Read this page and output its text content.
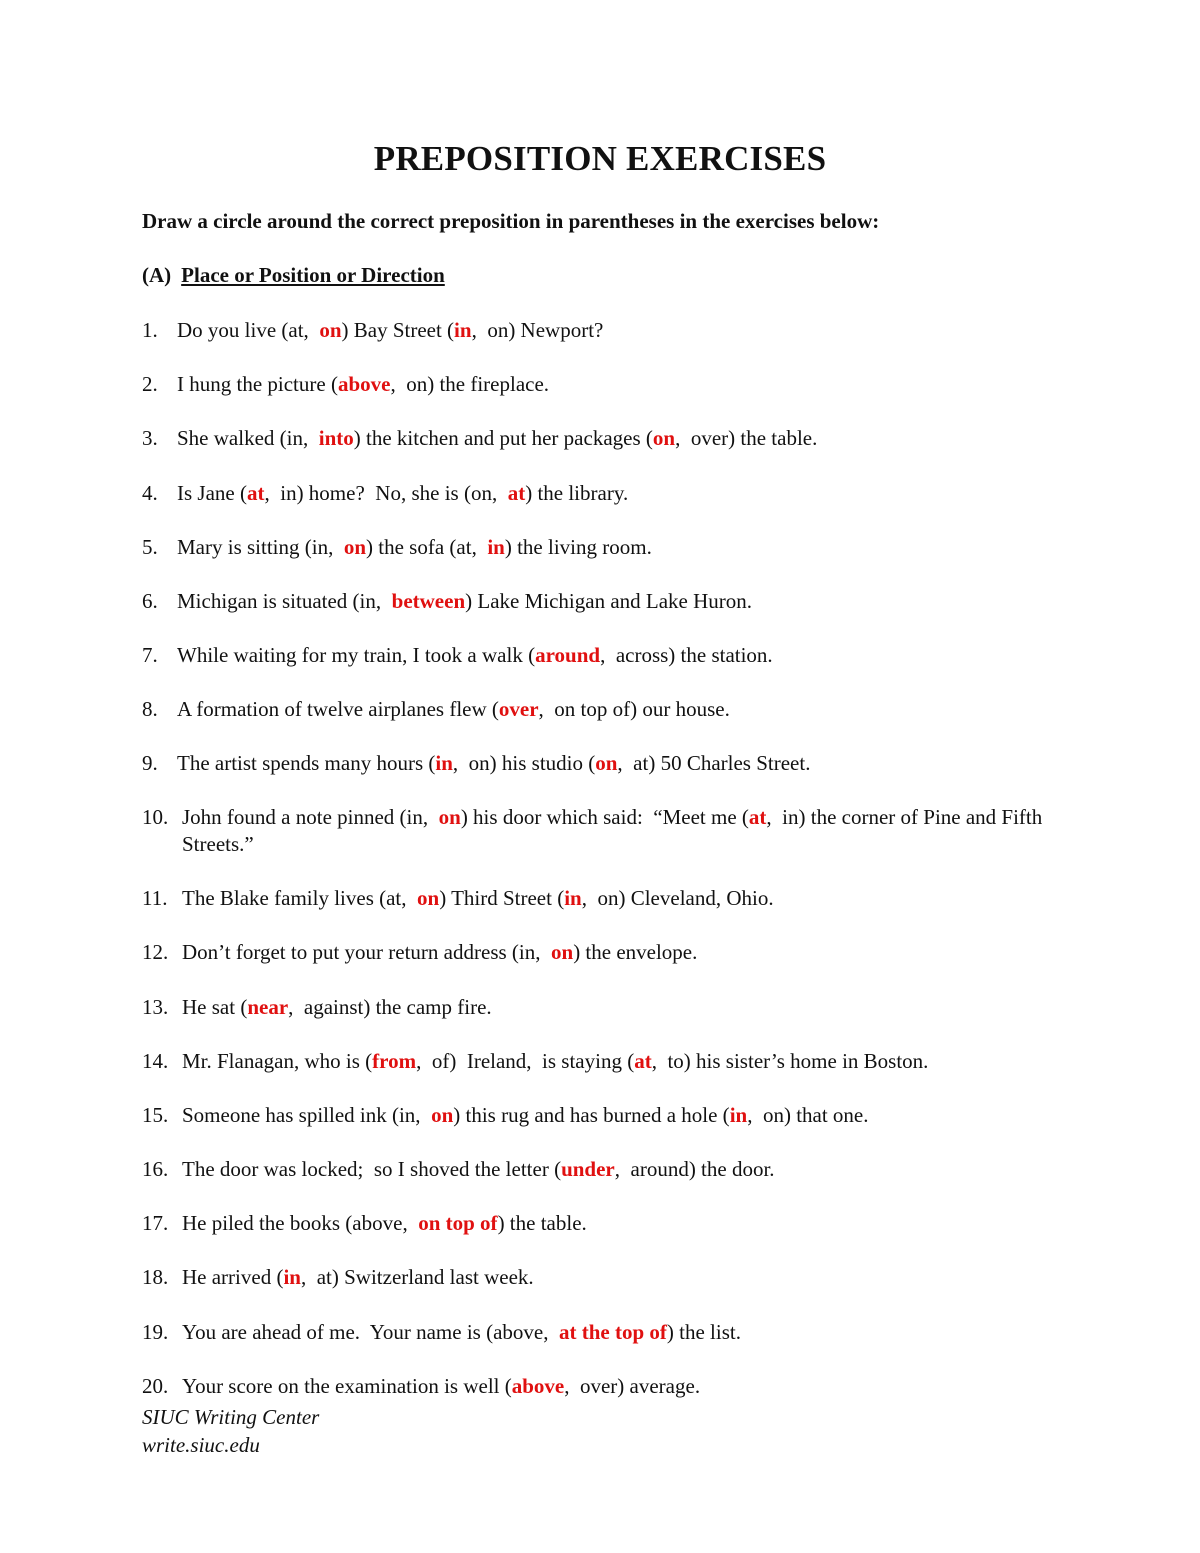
PREPOSITION EXERCISES

Draw a circle around the correct preposition in parentheses in the exercises below:

(A) Place or Position or Direction

1. Do you live (at,  on) Bay Street (in,  on) Newport?
2. I hung the picture (above,  on) the fireplace.
3. She walked (in,  into) the kitchen and put her packages (on,  over) the table.
4. Is Jane (at,  in) home?  No, she is (on,  at) the library.
5. Mary is sitting (in,  on) the sofa (at,  in) the living room.
6. Michigan is situated (in,  between) Lake Michigan and Lake Huron.
7. While waiting for my train, I took a walk (around,  across) the station.
8. A formation of twelve airplanes flew (over,  on top of) our house.
9. The artist spends many hours (in,  on) his studio (on,  at) 50 Charles Street.
10. John found a note pinned (in,  on) his door which said:  “Meet me (at,  in) the corner of Pine and Fifth Streets.”
11. The Blake family lives (at,  on) Third Street (in,  on) Cleveland, Ohio.
12. Don’t forget to put your return address (in,  on) the envelope.
13. He sat (near,  against) the camp fire.
14. Mr. Flanagan, who is (from,  of)  Ireland,  is staying (at,  to) his sister’s home in Boston.
15. Someone has spilled ink (in,  on) this rug and has burned a hole (in,  on) that one.
16. The door was locked;  so I shoved the letter (under,  around) the door.
17. He piled the books (above,  on top of) the table.
18. He arrived (in,  at) Switzerland last week.
19. You are ahead of me.  Your name is (above,  at the top of) the list.
20. Your score on the examination is well (above,  over) average.
SIUC Writing Center
write.siuc.edu
